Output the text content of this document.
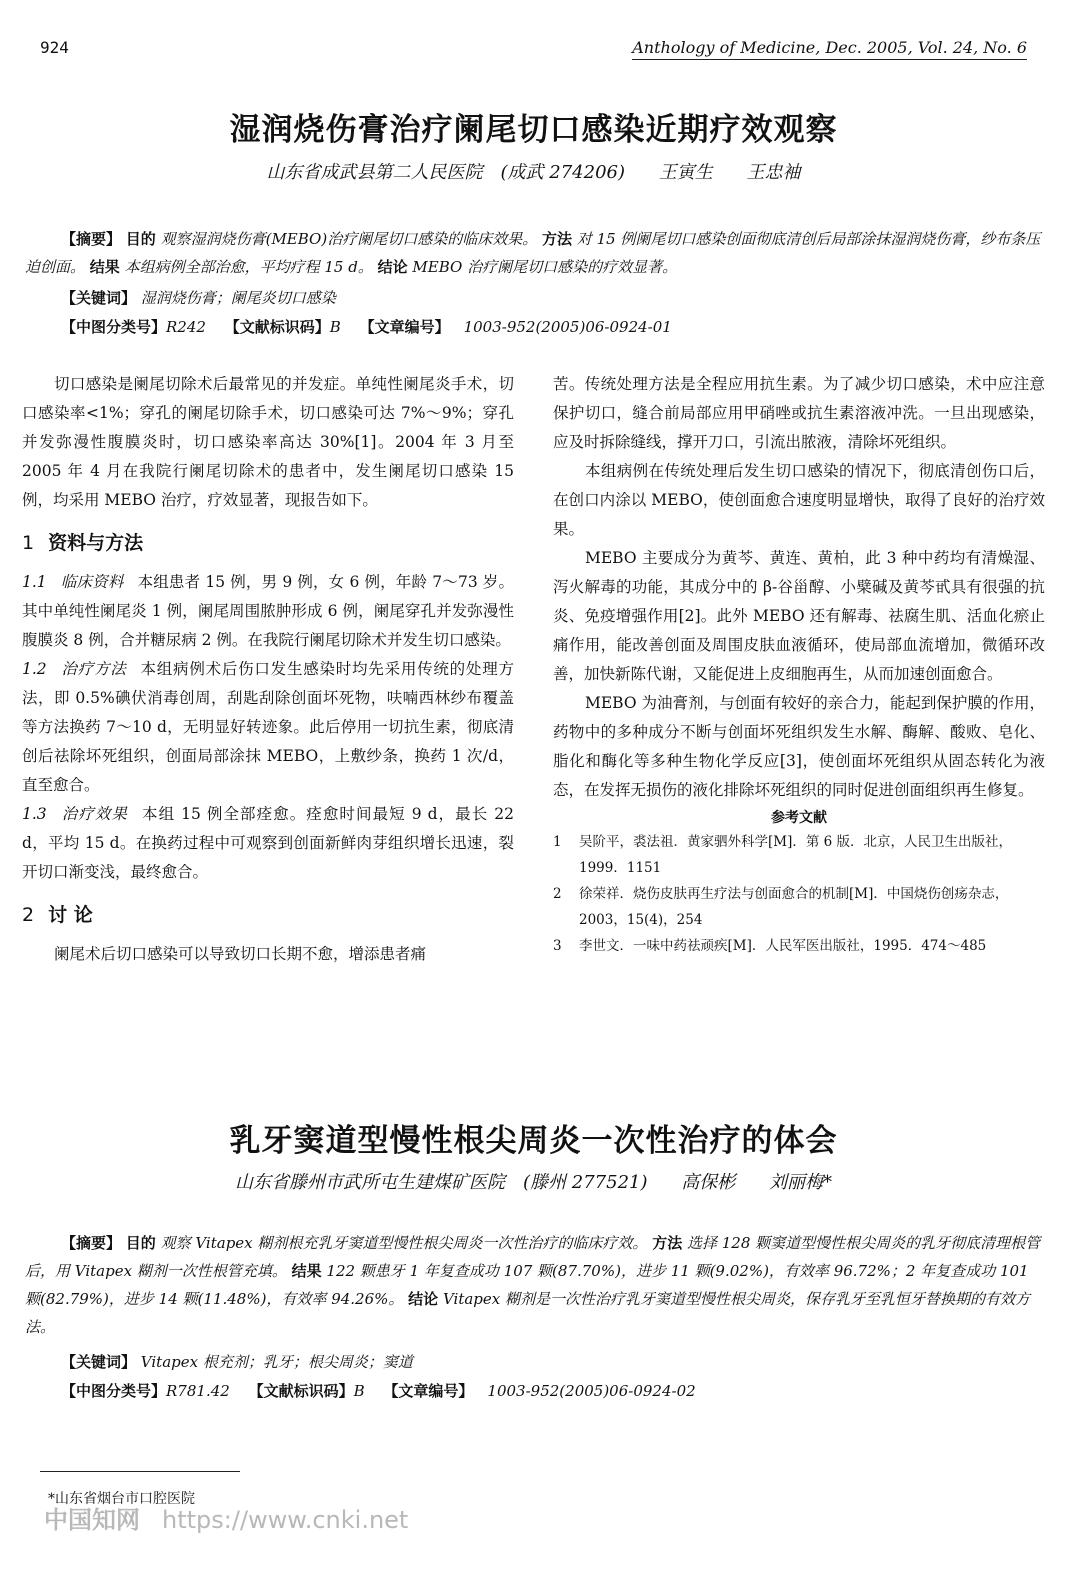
924	Anthology of Medicine, Dec. 2005, Vol. 24, No. 6
湿润烧伤膏治疗阑尾切口感染近期疗效观察
山东省成武县第二人民医院　(成武 274206) 王寅生 王忠袖
【摘要】 目的 观察湿润烧伤膏(MEBO)治疗阑尾切口感染的临床效果。 方法 对 15 例阑尾切口感染创面彻底清创后局部涂抹湿润烧伤膏，纱布条压迫创面。 结果 本组病例全部治愈，平均疗程 15 d。 结论 MEBO 治疗阑尾切口感染的疗效显著。
【关键词】 湿润烧伤膏；阑尾炎切口感染
【中图分类号】R242 【文献标识码】B 【文章编号】 1003-952(2005)06-0924-01

切口感染是阑尾切除术后最常见的并发症。单纯性阑尾炎手术，切口感染率<1%；穿孔的阑尾切除手术，切口感染可达 7%～9%；穿孔并发弥漫性腹膜炎时，切口感染率高达 30%[1]。2004 年 3 月至 2005 年 4 月在我院行阑尾切除术的患者中，发生阑尾切口感染 15 例，均采用 MEBO 治疗，疗效显著，现报告如下。

1 资料与方法

1.1 临床资料 本组患者 15 例，男 9 例，女 6 例，年龄 7～73 岁。其中单纯性阑尾炎 1 例，阑尾周围脓肿形成 6 例，阑尾穿孔并发弥漫性腹膜炎 8 例，合并糖尿病 2 例。在我院行阑尾切除术并发生切口感染。

1.2 治疗方法 本组病例术后伤口发生感染时均先采用传统的处理方法，即 0.5%碘伏消毒创周，刮匙刮除创面坏死物，呋喃西林纱布覆盖等方法换药 7～10 d，无明显好转迹象。此后停用一切抗生素，彻底清创后祛除坏死组织，创面局部涂抹 MEBO，上敷纱条，换药 1 次/d，直至愈合。

1.3 治疗效果 本组 15 例全部痊愈。痊愈时间最短 9 d，最长 22 d，平均 15 d。在换药过程中可观察到创面新鲜肉芽组织增长迅速，裂开切口渐变浅，最终愈合。

2 讨 论

阑尾术后切口感染可以导致切口长期不愈，增添患者痛

苦。传统处理方法是全程应用抗生素。为了减少切口感染，术中应注意保护切口，缝合前局部应用甲硝唑或抗生素溶液冲洗。一旦出现感染，应及时拆除缝线，撑开刀口，引流出脓液，清除坏死组织。

本组病例在传统处理后发生切口感染的情况下，彻底清创伤口后，在创口内涂以 MEBO，使创面愈合速度明显增快，取得了良好的治疗效果。

MEBO 主要成分为黄芩、黄连、黄柏，此 3 种中药均有清燥湿、泻火解毒的功能，其成分中的 β-谷甾醇、小檗碱及黄芩甙具有很强的抗炎、免疫增强作用[2]。此外 MEBO 还有解毒、祛腐生肌、活血化瘀止痛作用，能改善创面及周围皮肤血液循环，使局部血流增加，微循环改善，加快新陈代谢，又能促进上皮细胞再生，从而加速创面愈合。

MEBO 为油膏剂，与创面有较好的亲合力，能起到保护膜的作用，药物中的多种成分不断与创面坏死组织发生水解、酶解、酸败、皂化、脂化和酶化等多种生物化学反应[3]，使创面坏死组织从固态转化为液态，在发挥无损伤的液化排除坏死组织的同时促进创面组织再生修复。

参考文献
1 吴阶平，裘法祖．黄家驷外科学[M]．第 6 版．北京，人民卫生出版社，1999．1151
2 徐荣祥．烧伤皮肤再生疗法与创面愈合的机制[M]．中国烧伤创疡杂志，2003，15(4)，254
3 李世文．一味中药祛顽疾[M]．人民军医出版社，1995．474～485
乳牙窦道型慢性根尖周炎一次性治疗的体会
山东省滕州市武所屯生建煤矿医院　(滕州 277521) 高保彬 刘丽梅*
【摘要】 目的 观察 Vitapex 糊剂根充乳牙窦道型慢性根尖周炎一次性治疗的临床疗效。 方法 选择 128 颗窦道型慢性根尖周炎的乳牙彻底清理根管后，用 Vitapex 糊剂一次性根管充填。 结果 122 颗患牙 1 年复查成功 107 颗(87.70%)，进步 11 颗(9.02%)，有效率 96.72%；2 年复查成功 101 颗(82.79%)，进步 14 颗(11.48%)，有效率 94.26%。 结论 Vitapex 糊剂是一次性治疗乳牙窦道型慢性根尖周炎，保存乳牙至乳恒牙替换期的有效方法。
【关键词】 Vitapex 根充剂；乳牙；根尖周炎；窦道
【中图分类号】R781.42 【文献标识码】B 【文章编号】 1003-952(2005)06-0924-02
*山东省烟台市口腔医院
中国知网 https://www.cnki.net
